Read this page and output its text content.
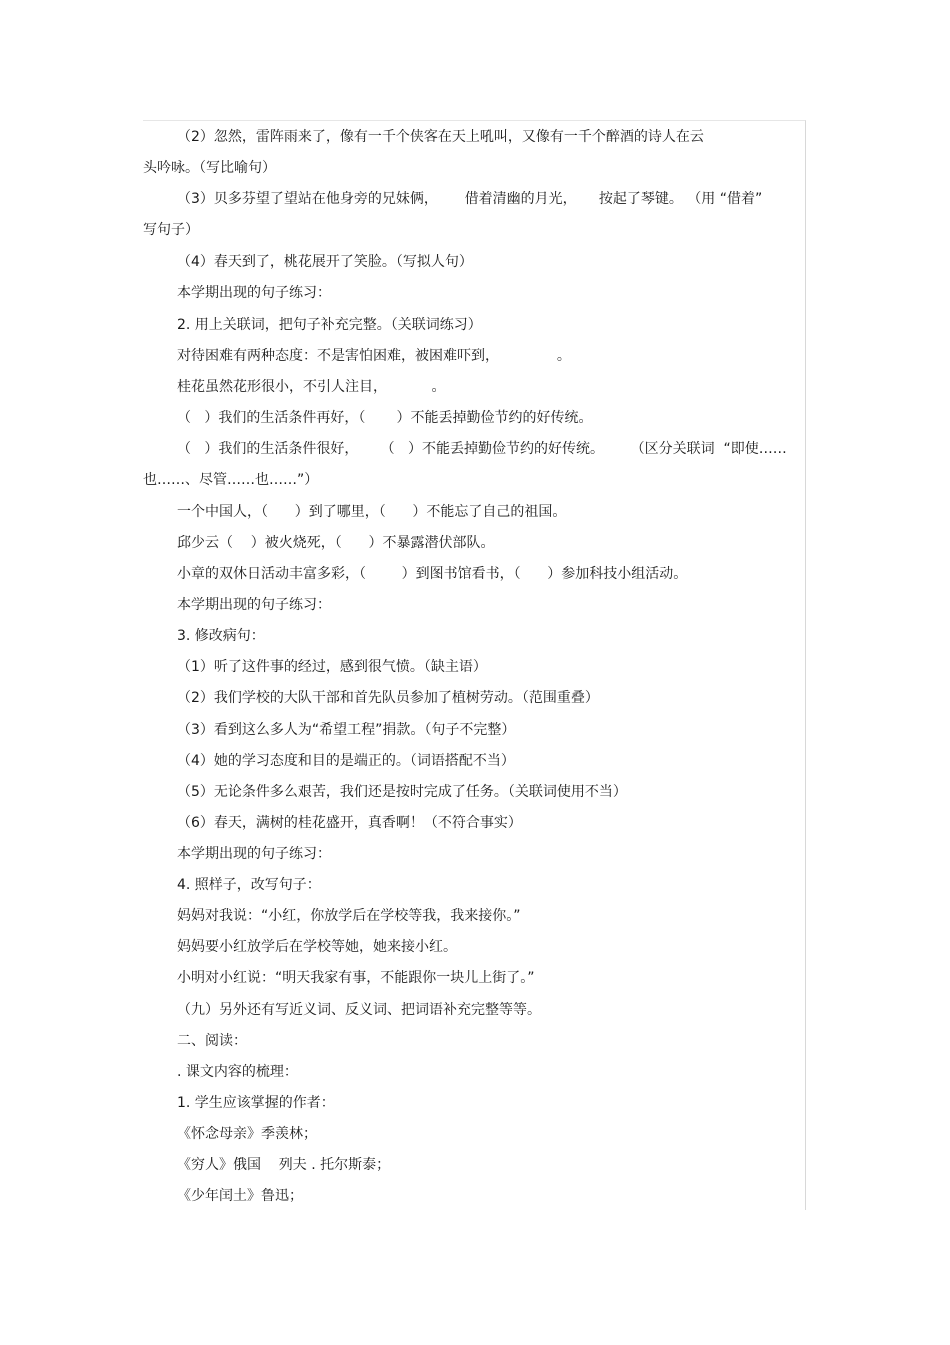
（2）忽然，雷阵雨来了，像有一千个侠客在天上吼叫，又像有一千个醉酒的诗人在云
头吟咏。（写比喻句）
（3）贝多芬望了望站在他身旁的兄妹俩，      借着清幽的月光，     按起了琴键。 （用 “借着”
写句子）
（4）春天到了，桃花展开了笑脸。（写拟人句）
本学期出现的句子练习：
2. 用上关联词，把句子补充完整。（关联词练习）
对待困难有两种态度：不是害怕困难，被困难吓到，             。
桂花虽然花形很小，不引人注目，          。
（   ）我们的生活条件再好，（       ）不能丢掉勤俭节约的好传统。
（   ）我们的生活条件很好，     （   ）不能丢掉勤俭节约的好传统。      （区分关联词  “即使……
也……、尽管……也……”）
一个中国人，（      ）到了哪里，（      ）不能忘了自己的祖国。
邱少云（    ）被火烧死，（      ）不暴露潜伏部队。
小章的双休日活动丰富多彩，（        ）到图书馆看书，（      ）参加科技小组活动。
本学期出现的句子练习：
3. 修改病句：
（1）听了这件事的经过，感到很气愤。（缺主语）
（2）我们学校的大队干部和首先队员参加了植树劳动。（范围重叠）
（3）看到这么多人为“希望工程”捐款。（句子不完整）
（4）她的学习态度和目的是端正的。（词语搭配不当）
（5）无论条件多么艰苦，我们还是按时完成了任务。（关联词使用不当）
（6）春天，满树的桂花盛开，真香啊！（不符合事实）
本学期出现的句子练习：
4. 照样子，改写句子：
妈妈对我说：“小红，你放学后在学校等我，我来接你。”
妈妈要小红放学后在学校等她，她来接小红。
小明对小红说：“明天我家有事，不能跟你一块儿上街了。”
（九）另外还有写近义词、反义词、把词语补充完整等等。
二、阅读：
. 课文内容的梳理：
1. 学生应该掌握的作者：
《怀念母亲》季羡林；
《穷人》俄国    列夫 . 托尔斯泰；
《少年闰土》鲁迅；
